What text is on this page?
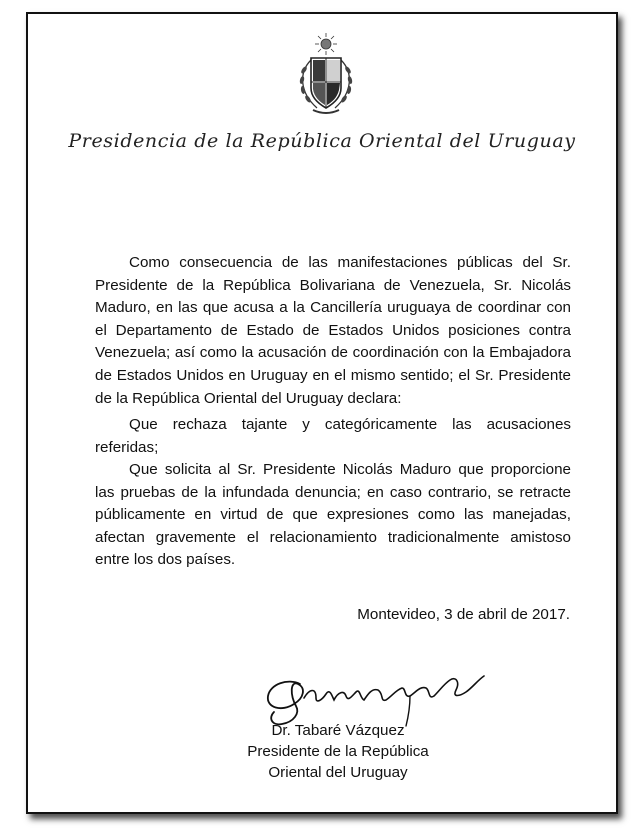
Presidencia de la República Oriental del Uruguay

Como consecuencia de las manifestaciones públicas del Sr. Presidente de la República Bolivariana de Venezuela, Sr. Nicolás Maduro, en las que acusa a la Cancillería uruguaya de coordinar con el Departamento de Estado de Estados Unidos posiciones contra Venezuela; así como la acusación de coordinación con la Embajadora de Estados Unidos en Uruguay en el mismo sentido; el Sr. Presidente de la República Oriental del Uruguay declara:

Que rechaza tajante y categóricamente las acusaciones referidas;

Que solicita al Sr. Presidente Nicolás Maduro que proporcione las pruebas de la infundada denuncia; en caso contrario, se retracte públicamente en virtud de que expresiones como las manejadas, afectan gravemente el relacionamiento tradicionalmente amistoso entre los dos países.

Montevideo, 3 de abril de 2017.
Dr. Tabaré Vázquez
Presidente de la República
Oriental del Uruguay
